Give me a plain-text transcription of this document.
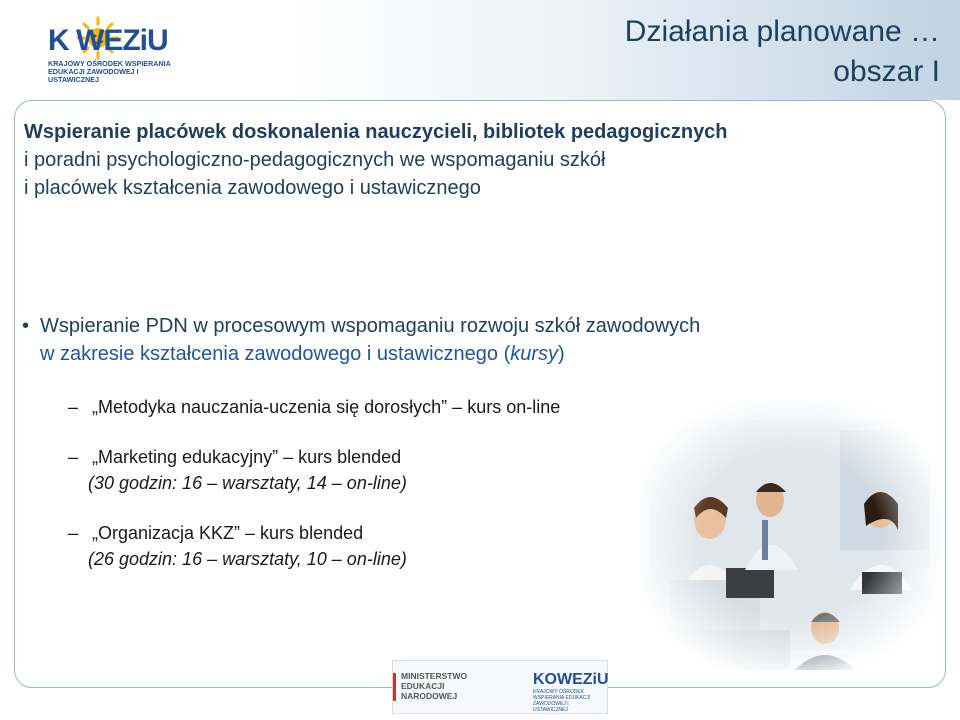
K WEZiU
KRAJOWY OŚRODEK WSPIERANIA
EDUKACJI ZAWODOWEJ I USTAWICZNEJ
Działania planowane …
obszar I
Wspieranie placówek doskonalenia nauczycieli, bibliotek pedagogicznych
i poradni psychologiczno-pedagogicznych we wspomaganiu szkół
i placówek kształcenia zawodowego i ustawicznego
• Wspieranie PDN w procesowym wspomaganiu rozwoju szkół zawodowych
w zakresie kształcenia zawodowego i ustawicznego (kursy)
– „Metodyka nauczania-uczenia się dorosłych” – kurs on-line
– „Marketing edukacyjny” – kurs blended
(30 godzin: 16 – warsztaty, 14 – on-line)
– „Organizacja KKZ” – kurs blended
(26 godzin: 16 – warsztaty, 10 – on-line)
MINISTERSTWO
EDUKACJI
NARODOWEJ
KOWEZiU
KRAJOWY OŚRODEK WSPIERANIA EDUKACJI ZAWODOWEJ I USTAWICZNEJ
